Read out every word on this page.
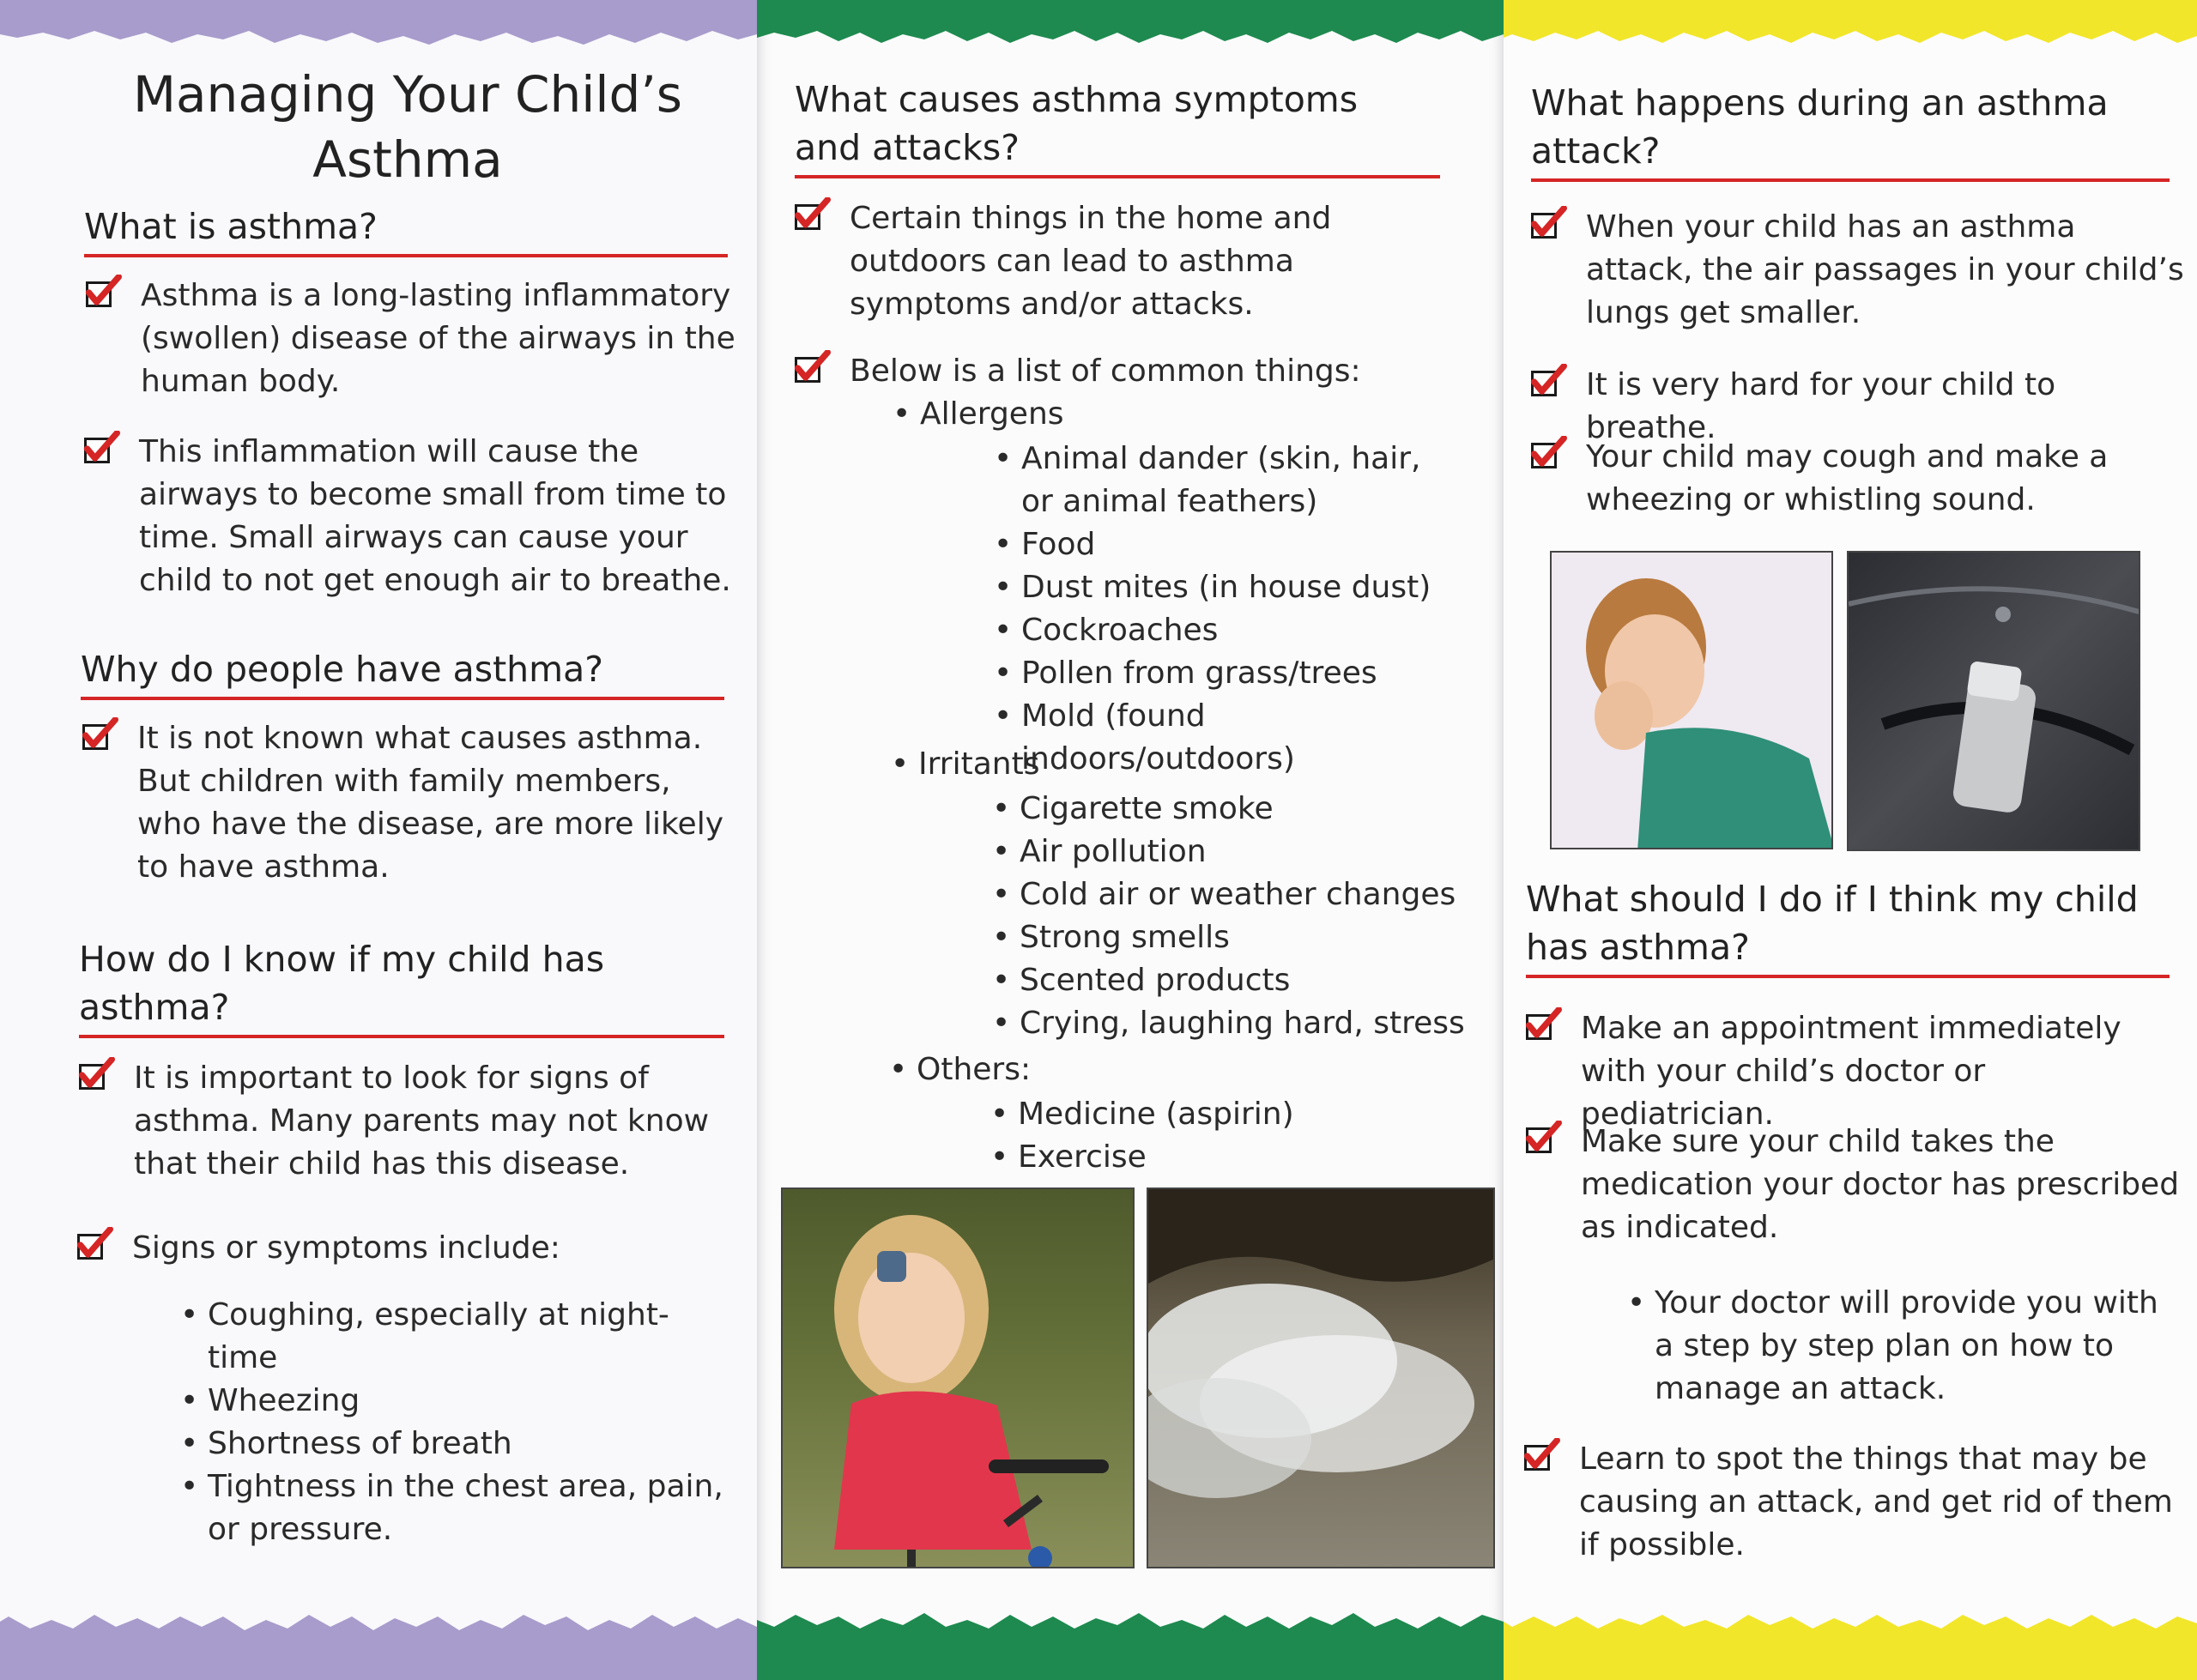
Managing Your Child’s Asthma
What is asthma?
Asthma is a long-lasting inflammatory (swollen) disease of the airways in the human body.
This inflammation will cause the airways to become small from time to time. Small airways can cause your child to not get enough air to breathe.
Why do people have asthma?
It is not known what causes asthma. But children with family members, who have the disease, are more likely to have asthma.
How do I know if my child has asthma?
It is important to look for signs of asthma. Many parents may not know that their child has this disease.
Signs or symptoms include:
• Coughing, especially at night-time
• Wheezing
• Shortness of breath
• Tightness in the chest area, pain, or pressure.
What causes asthma symptoms and attacks?
Certain things in the home and outdoors can lead to asthma symptoms and/or attacks.
Below is a list of common things:
• Allergens
• Animal dander (skin, hair, or animal feathers)
• Food
• Dust mites (in house dust)
• Cockroaches
• Pollen from grass/trees
• Mold (found indoors/outdoors)
• Irritants
• Cigarette smoke
• Air pollution
• Cold air or weather changes
• Strong smells
• Scented products
• Crying, laughing hard, stress
• Others:
• Medicine (aspirin)
• Exercise
What happens during an asthma attack?
When your child has an asthma attack, the air passages in your child’s lungs get smaller.
It is very hard for your child to breathe.
Your child may cough and make a wheezing or whistling sound.
What should I do if I think my child has asthma?
Make an appointment immediately with your child’s doctor or pediatrician.
Make sure your child takes the medication your doctor has prescribed as indicated.
• Your doctor will provide you with a step by step plan on how to manage an attack.
Learn to spot the things that may be causing an attack, and get rid of them if possible.
